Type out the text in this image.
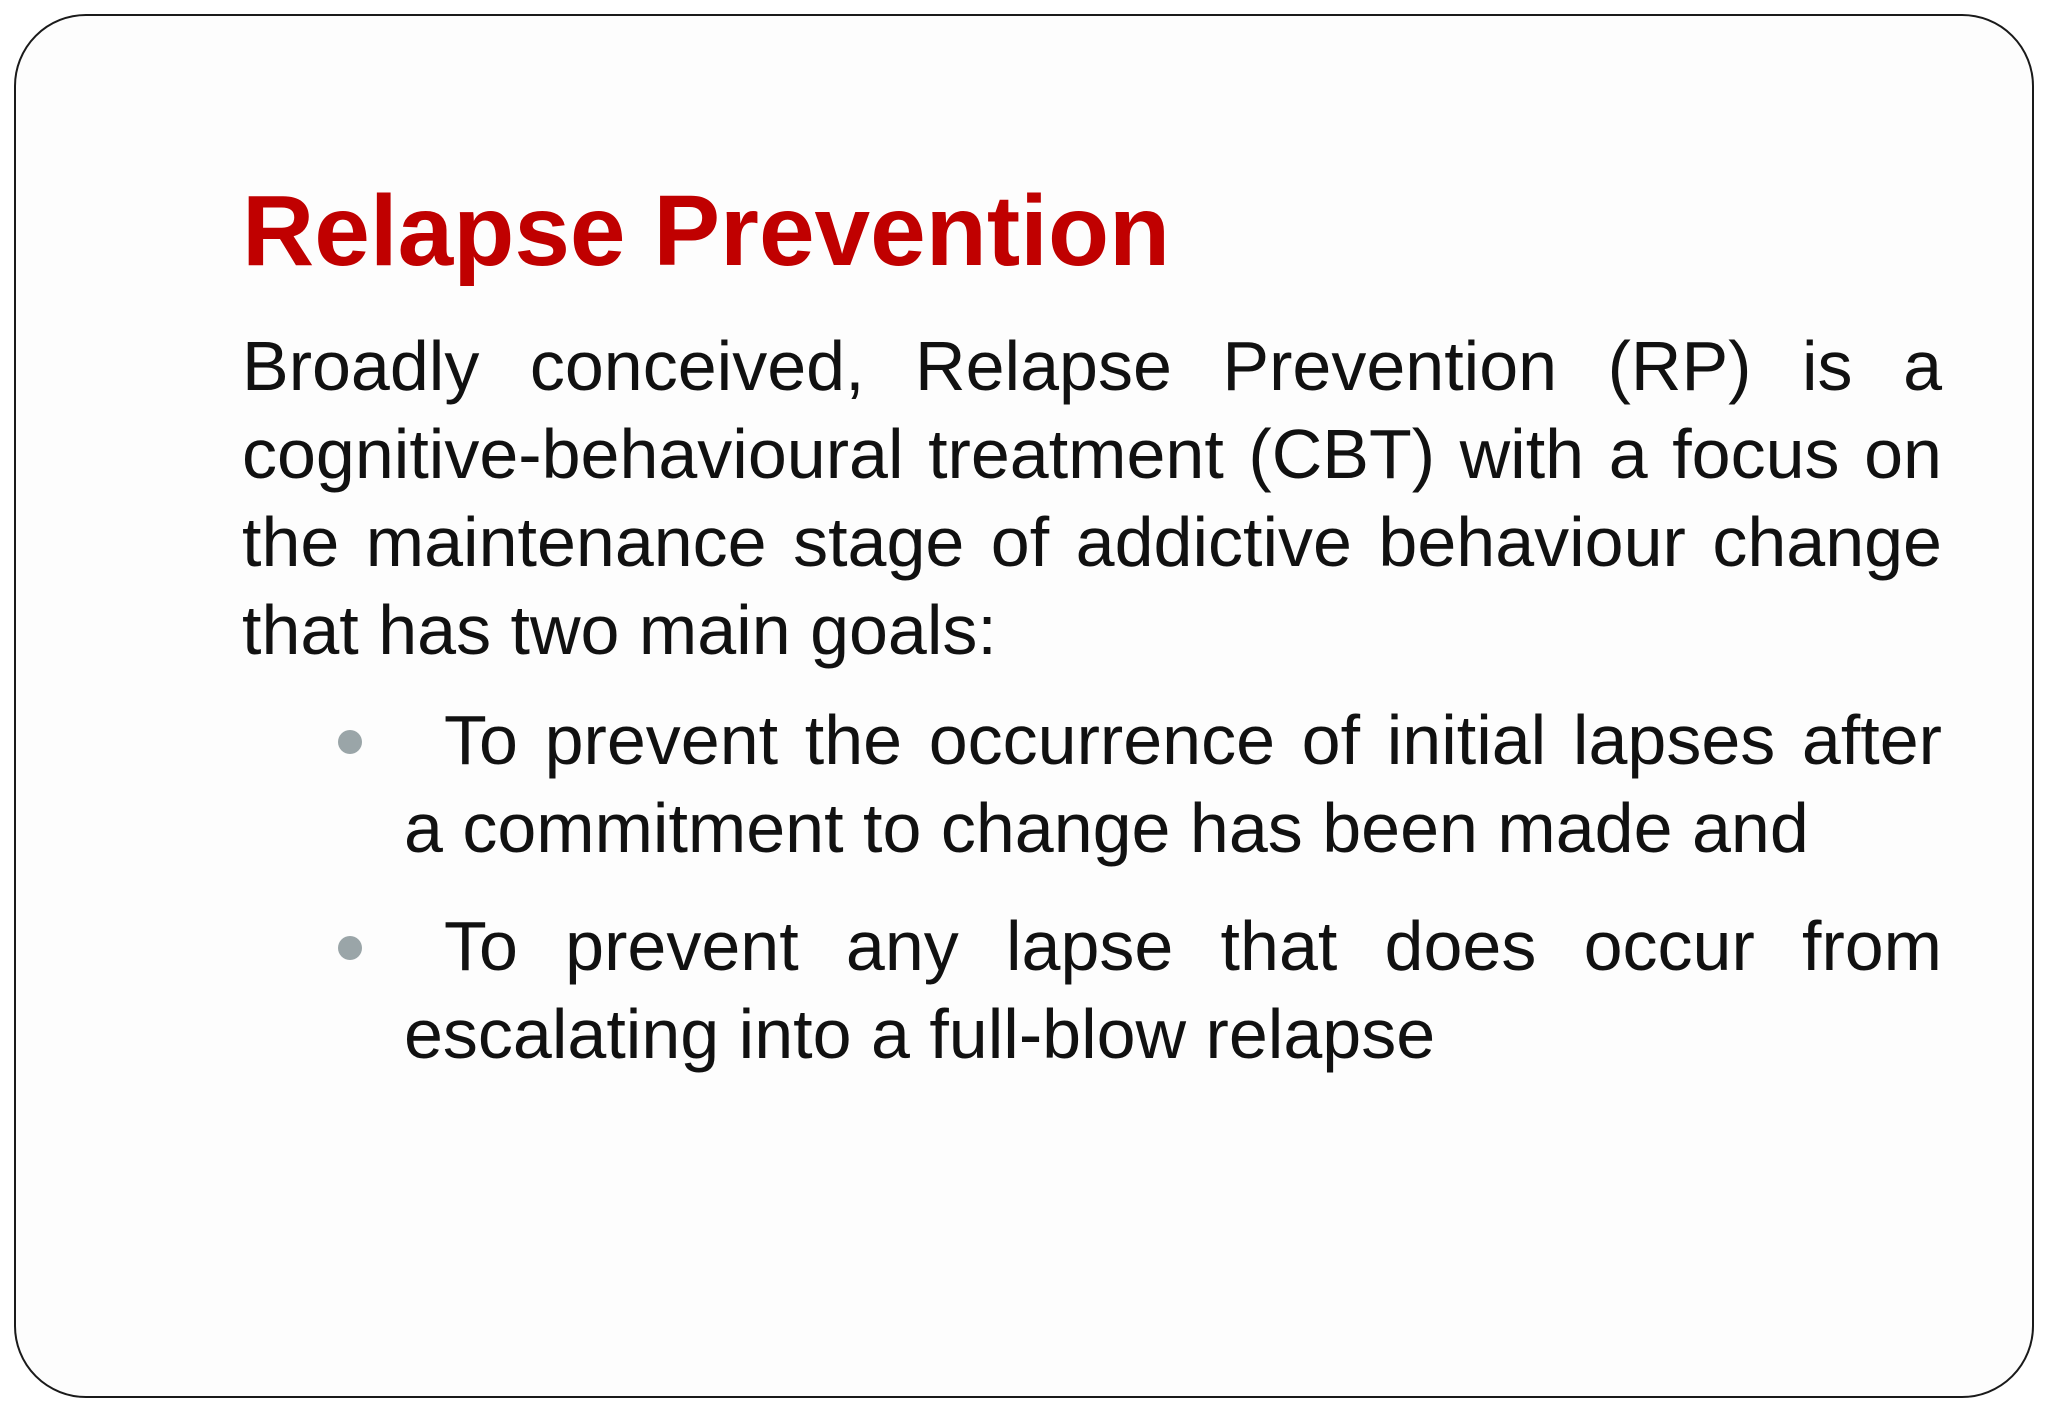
Relapse Prevention

Broadly conceived, Relapse Prevention (RP) is a cognitive-behavioural treatment (CBT) with a focus on the maintenance stage of addictive behaviour change that has two main goals:

To prevent the occurrence of initial lapses after a commitment to change has been made and
To prevent any lapse that does occur from escalating into a full-blow relapse
